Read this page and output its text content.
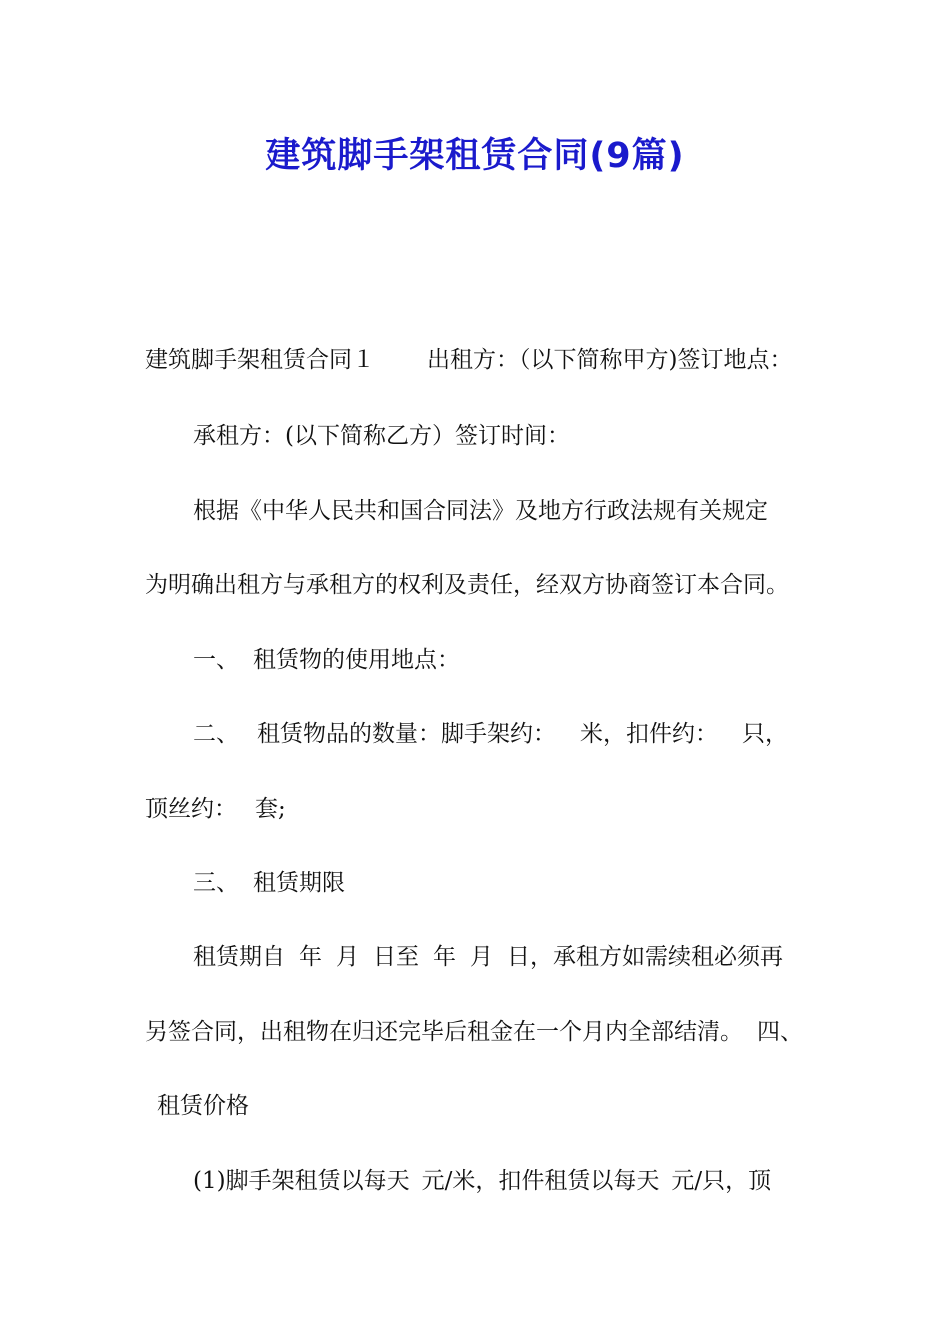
建筑脚手架租赁合同(9篇)
建筑脚手架租赁合同１ 出租方：（以下简称甲方)签订地点：
承租方：(以下简称乙方）签订时间：
根据《中华人民共和国合同法》及地方行政法规有关规定
为明确出租方与承租方的权利及责任，经双方协商签订本合同。
一、 租赁物的使用地点：
二、 租赁物品的数量：脚手架约： 米，扣件约： 只，
顶丝约： 套;
三、 租赁期限
租赁期自 年 月 日至 年 月 日，承租方如需续租必须再
另签合同，出租物在归还完毕后租金在一个月内全部结清。 四、
租赁价格
(1)脚手架租赁以每天 元/米，扣件租赁以每天 元/只，顶
